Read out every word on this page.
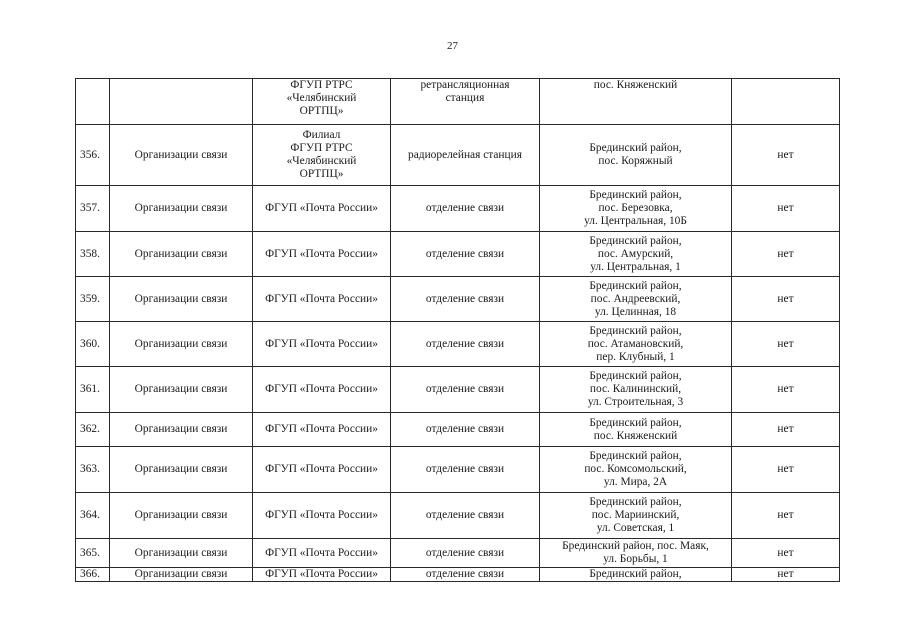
27

		ФГУП РТРС
«Челябинский
ОРТПЦ»	ретрансляционная
станция	пос. Княженский	

356.	Организации связи	Филиал
ФГУП РТРС
«Челябинский
ОРТПЦ»	радиорелейная станция	Брединский район,
пос. Коряжный	нет
357.	Организации связи	ФГУП «Почта России»	отделение связи	Брединский район,
пос. Березовка,
ул. Центральная, 10Б	нет
358.	Организации связи	ФГУП «Почта России»	отделение связи	Брединский район,
пос. Амурский,
ул. Центральная, 1	нет
359.	Организации связи	ФГУП «Почта России»	отделение связи	Брединский район,
пос. Андреевский,
ул. Целинная, 18	нет
360.	Организации связи	ФГУП «Почта России»	отделение связи	Брединский район,
пос. Атамановский,
пер. Клубный, 1	нет
361.	Организации связи	ФГУП «Почта России»	отделение связи	Брединский район,
пос. Калининский,
ул. Строительная, 3	нет
362.	Организации связи	ФГУП «Почта России»	отделение связи	Брединский район,
пос. Княженский	нет
363.	Организации связи	ФГУП «Почта России»	отделение связи	Брединский район,
пос. Комсомольский,
ул. Мира, 2А	нет
364.	Организации связи	ФГУП «Почта России»	отделение связи	Брединский район,
пос. Мариинский,
ул. Советская, 1	нет
365.	Организации связи	ФГУП «Почта России»	отделение связи	Брединский район, пос. Маяк,
ул. Борьбы, 1	нет
366.	Организации связи	ФГУП «Почта России»	отделение связи	Брединский район,	нет
